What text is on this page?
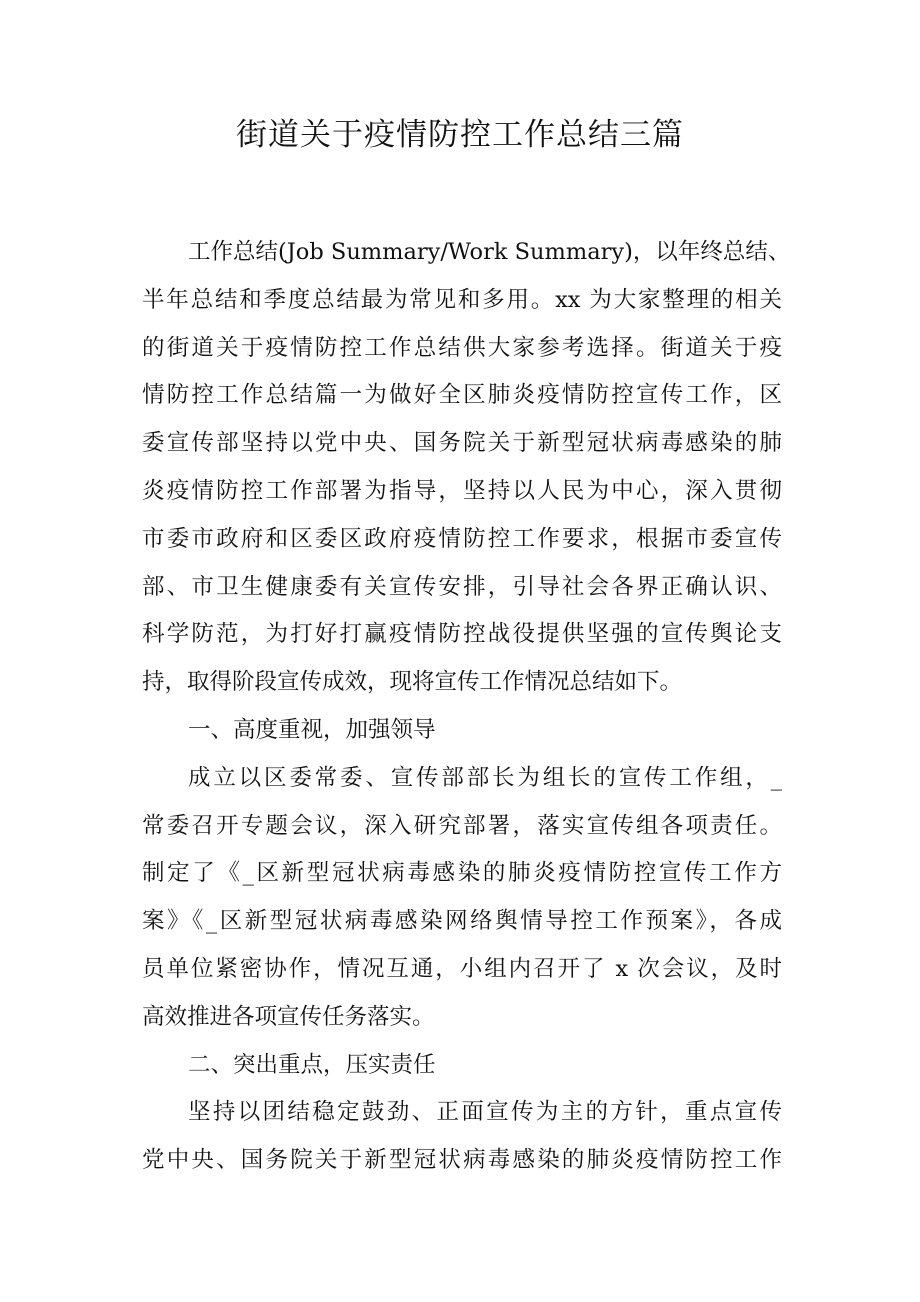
街道关于疫情防控工作总结三篇
工作总结(Job Summary/Work Summary)，以年终总结、
半年总结和季度总结最为常见和多用。xx 为大家整理的相关
的街道关于疫情防控工作总结供大家参考选择。街道关于疫
情防控工作总结篇一为做好全区肺炎疫情防控宣传工作，区
委宣传部坚持以党中央、国务院关于新型冠状病毒感染的肺
炎疫情防控工作部署为指导，坚持以人民为中心，深入贯彻
市委市政府和区委区政府疫情防控工作要求，根据市委宣传
部、市卫生健康委有关宣传安排，引导社会各界正确认识、
科学防范，为打好打赢疫情防控战役提供坚强的宣传舆论支
持，取得阶段宣传成效，现将宣传工作情况总结如下。
一、高度重视，加强领导
成立以区委常委、宣传部部长为组长的宣传工作组，_
常委召开专题会议，深入研究部署，落实宣传组各项责任。
制定了《_区新型冠状病毒感染的肺炎疫情防控宣传工作方
案》《_区新型冠状病毒感染网络舆情导控工作预案》，各成
员单位紧密协作，情况互通，小组内召开了 x 次会议，及时
高效推进各项宣传任务落实。
二、突出重点，压实责任
坚持以团结稳定鼓劲、正面宣传为主的方针，重点宣传
党中央、国务院关于新型冠状病毒感染的肺炎疫情防控工作
